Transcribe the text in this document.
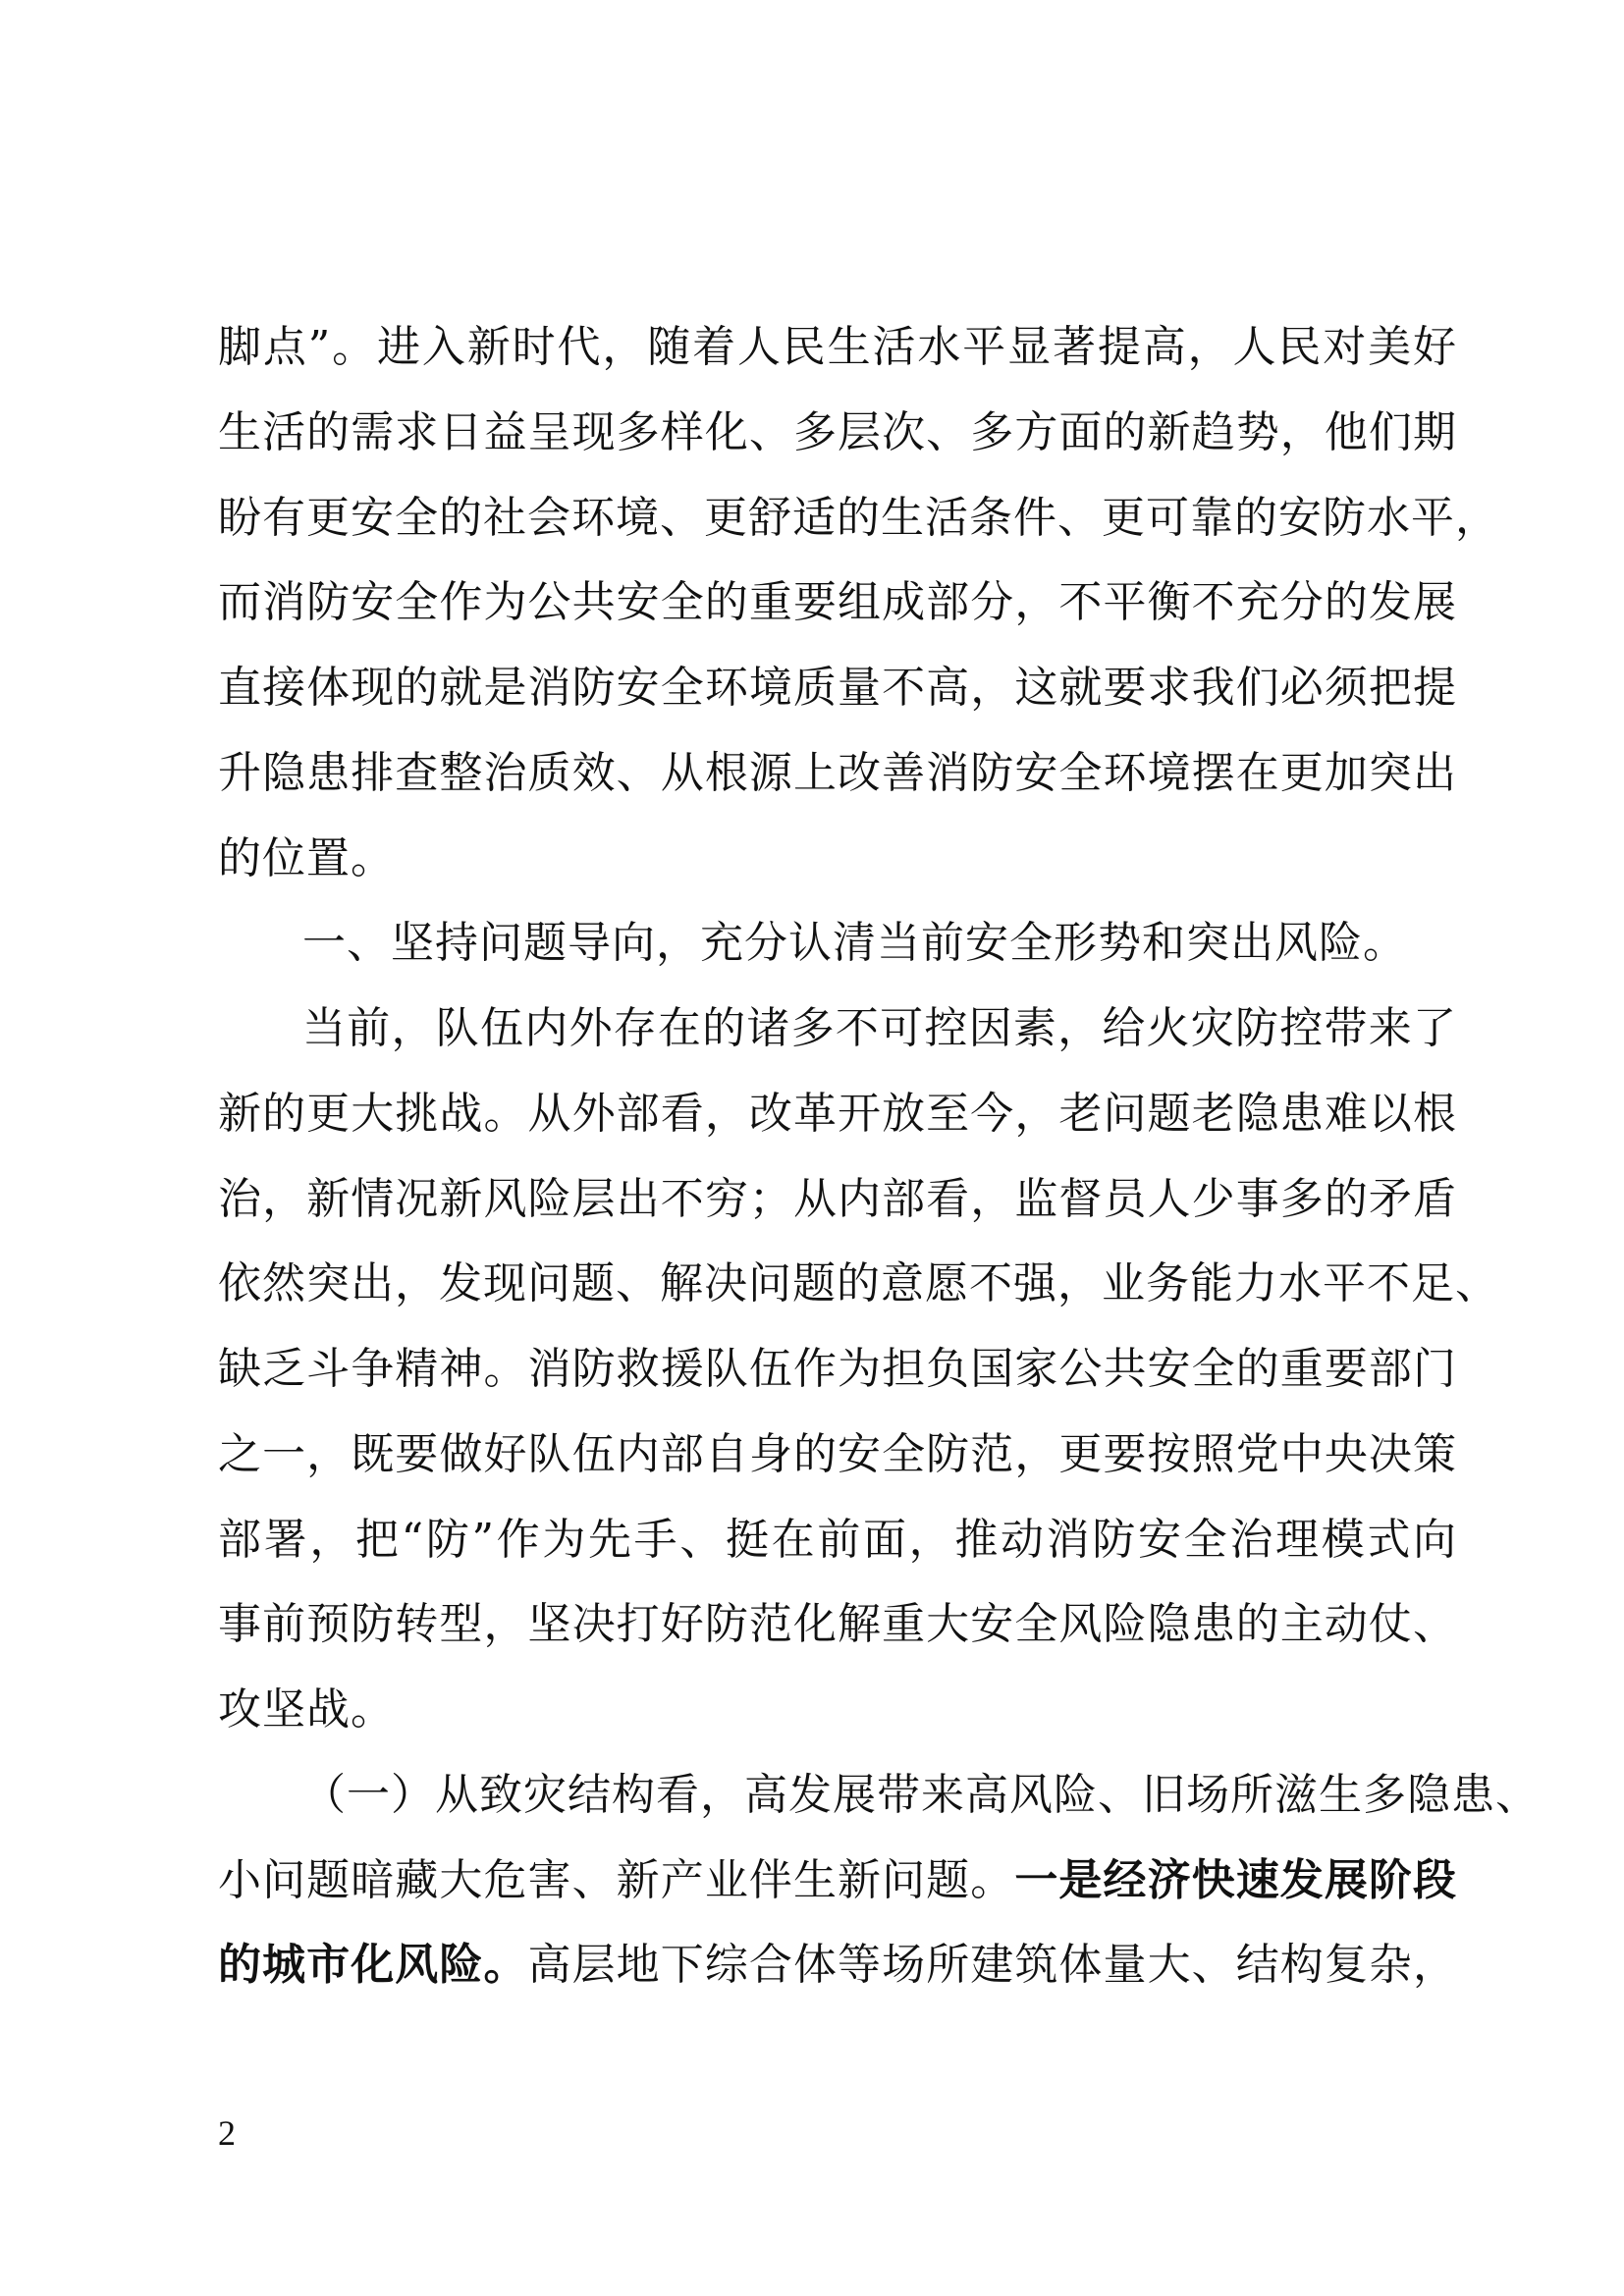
脚点”。进入新时代，随着人民生活水平显著提高，人民对美好
生活的需求日益呈现多样化、多层次、多方面的新趋势，他们期
盼有更安全的社会环境、更舒适的生活条件、更可靠的安防水平，
而消防安全作为公共安全的重要组成部分，不平衡不充分的发展
直接体现的就是消防安全环境质量不高，这就要求我们必须把提
升隐患排查整治质效、从根源上改善消防安全环境摆在更加突出
的位置。
一、坚持问题导向，充分认清当前安全形势和突出风险。
当前，队伍内外存在的诸多不可控因素，给火灾防控带来了
新的更大挑战。从外部看，改革开放至今，老问题老隐患难以根
治，新情况新风险层出不穷；从内部看，监督员人少事多的矛盾
依然突出，发现问题、解决问题的意愿不强，业务能力水平不足、
缺乏斗争精神。消防救援队伍作为担负国家公共安全的重要部门
之一，既要做好队伍内部自身的安全防范，更要按照党中央决策
部署，把“防”作为先手、挺在前面，推动消防安全治理模式向
事前预防转型，坚决打好防范化解重大安全风险隐患的主动仗、
攻坚战。
（一）从致灾结构看，高发展带来高风险、旧场所滋生多隐患、
小问题暗藏大危害、新产业伴生新问题。一是经济快速发展阶段
的城市化风险。高层地下综合体等场所建筑体量大、结构复杂，
2
